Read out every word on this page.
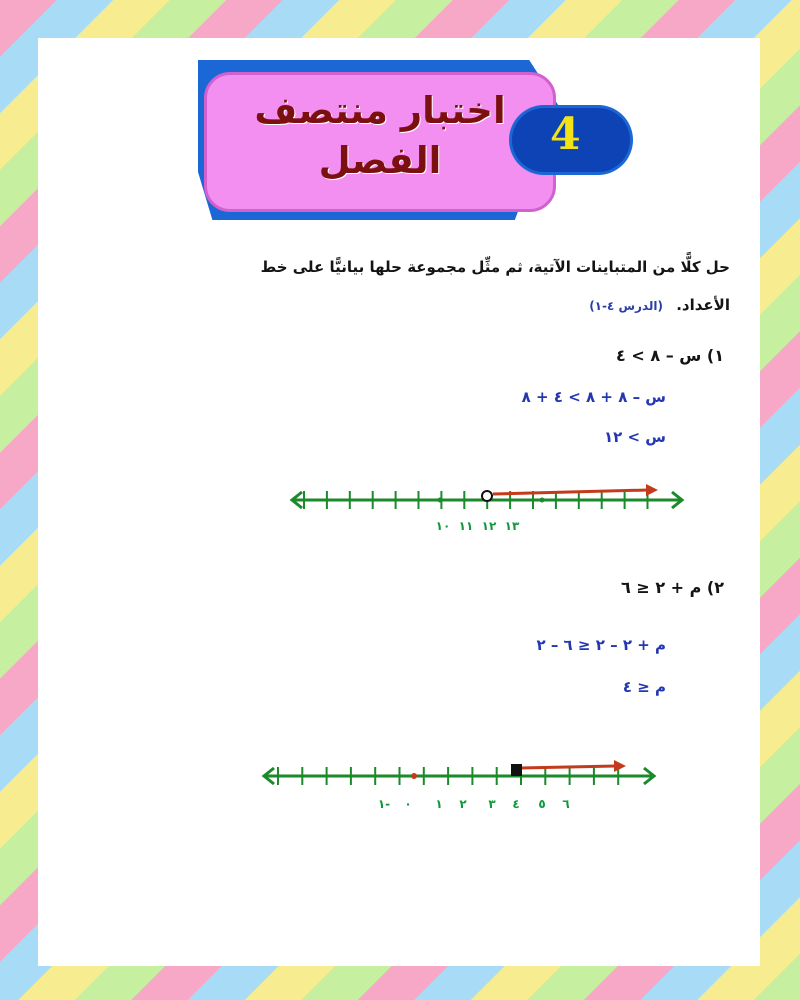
اختبار منتصف
الفصل
4
حل كلًّا من المتباينات الآتية، ثم مثِّل مجموعة حلها بيانيًّا على خط
الأعداد. (الدرس ٤-١)
١) س – ٨ > ٤
س – ٨ + ٨ > ٤ + ٨
س > ١٢
١٠ ١١ ١٢ ١٣
٢) م + ٢ ≤ ٦
م + ٢ – ٢ ≤ ٦ – ٢
م ≤ ٤
١- ٠ ١ ٢ ٣ ٤ ٥ ٦
